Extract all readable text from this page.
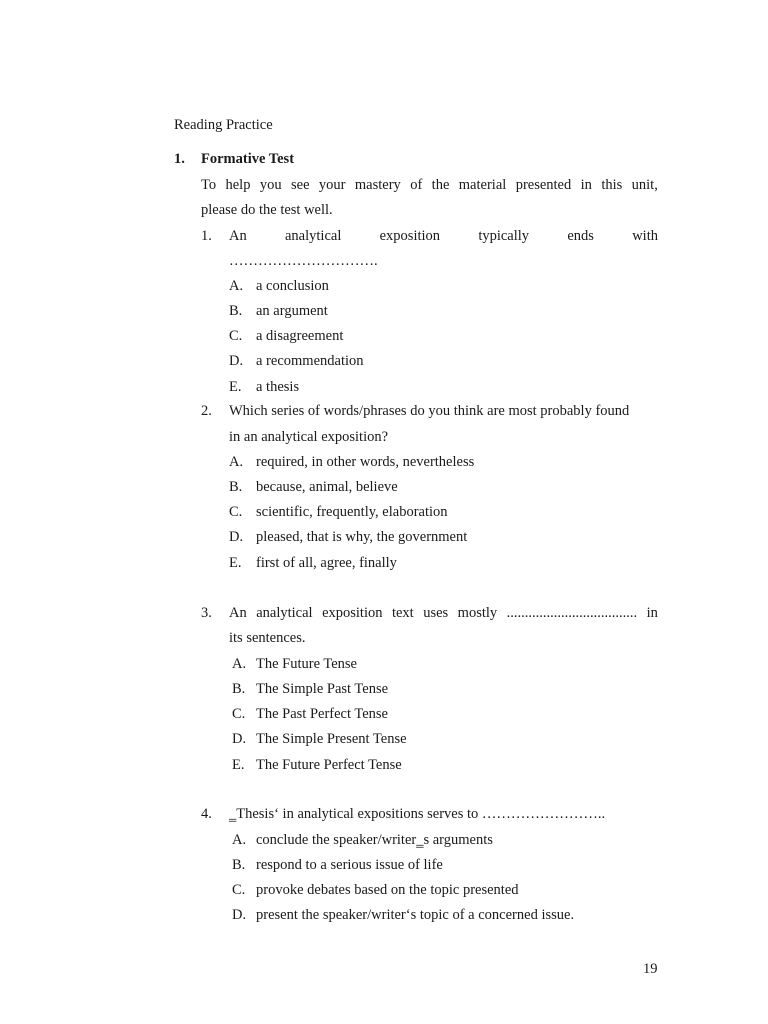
Reading Practice
1. Formative Test
To help you see your mastery of the material presented in this unit,
please do the test well.
1. An	analytical	exposition	typically	ends	with
………………………….
A. a conclusion
B. an argument
C. a disagreement
D. a recommendation
E. a thesis
2. Which series of words/phrases do you think are most probably found
in an analytical exposition?
A. required, in other words, nevertheless
B. because, animal, believe
C. scientific, frequently, elaboration
D. pleased, that is why, the government
E. first of all, agree, finally
3. An analytical exposition text uses mostly .................................... in
its sentences.
A. The Future Tense
B. The Simple Past Tense
C. The Past Perfect Tense
D. The Simple Present Tense
E. The Future Perfect Tense
4. ‗Thesis‘ in analytical expositions serves to ……………………..
A. conclude the speaker/writer‗s arguments
B. respond to a serious issue of life
C. provoke debates based on the topic presented
D. present the speaker/writer‘s topic of a concerned issue.
19
